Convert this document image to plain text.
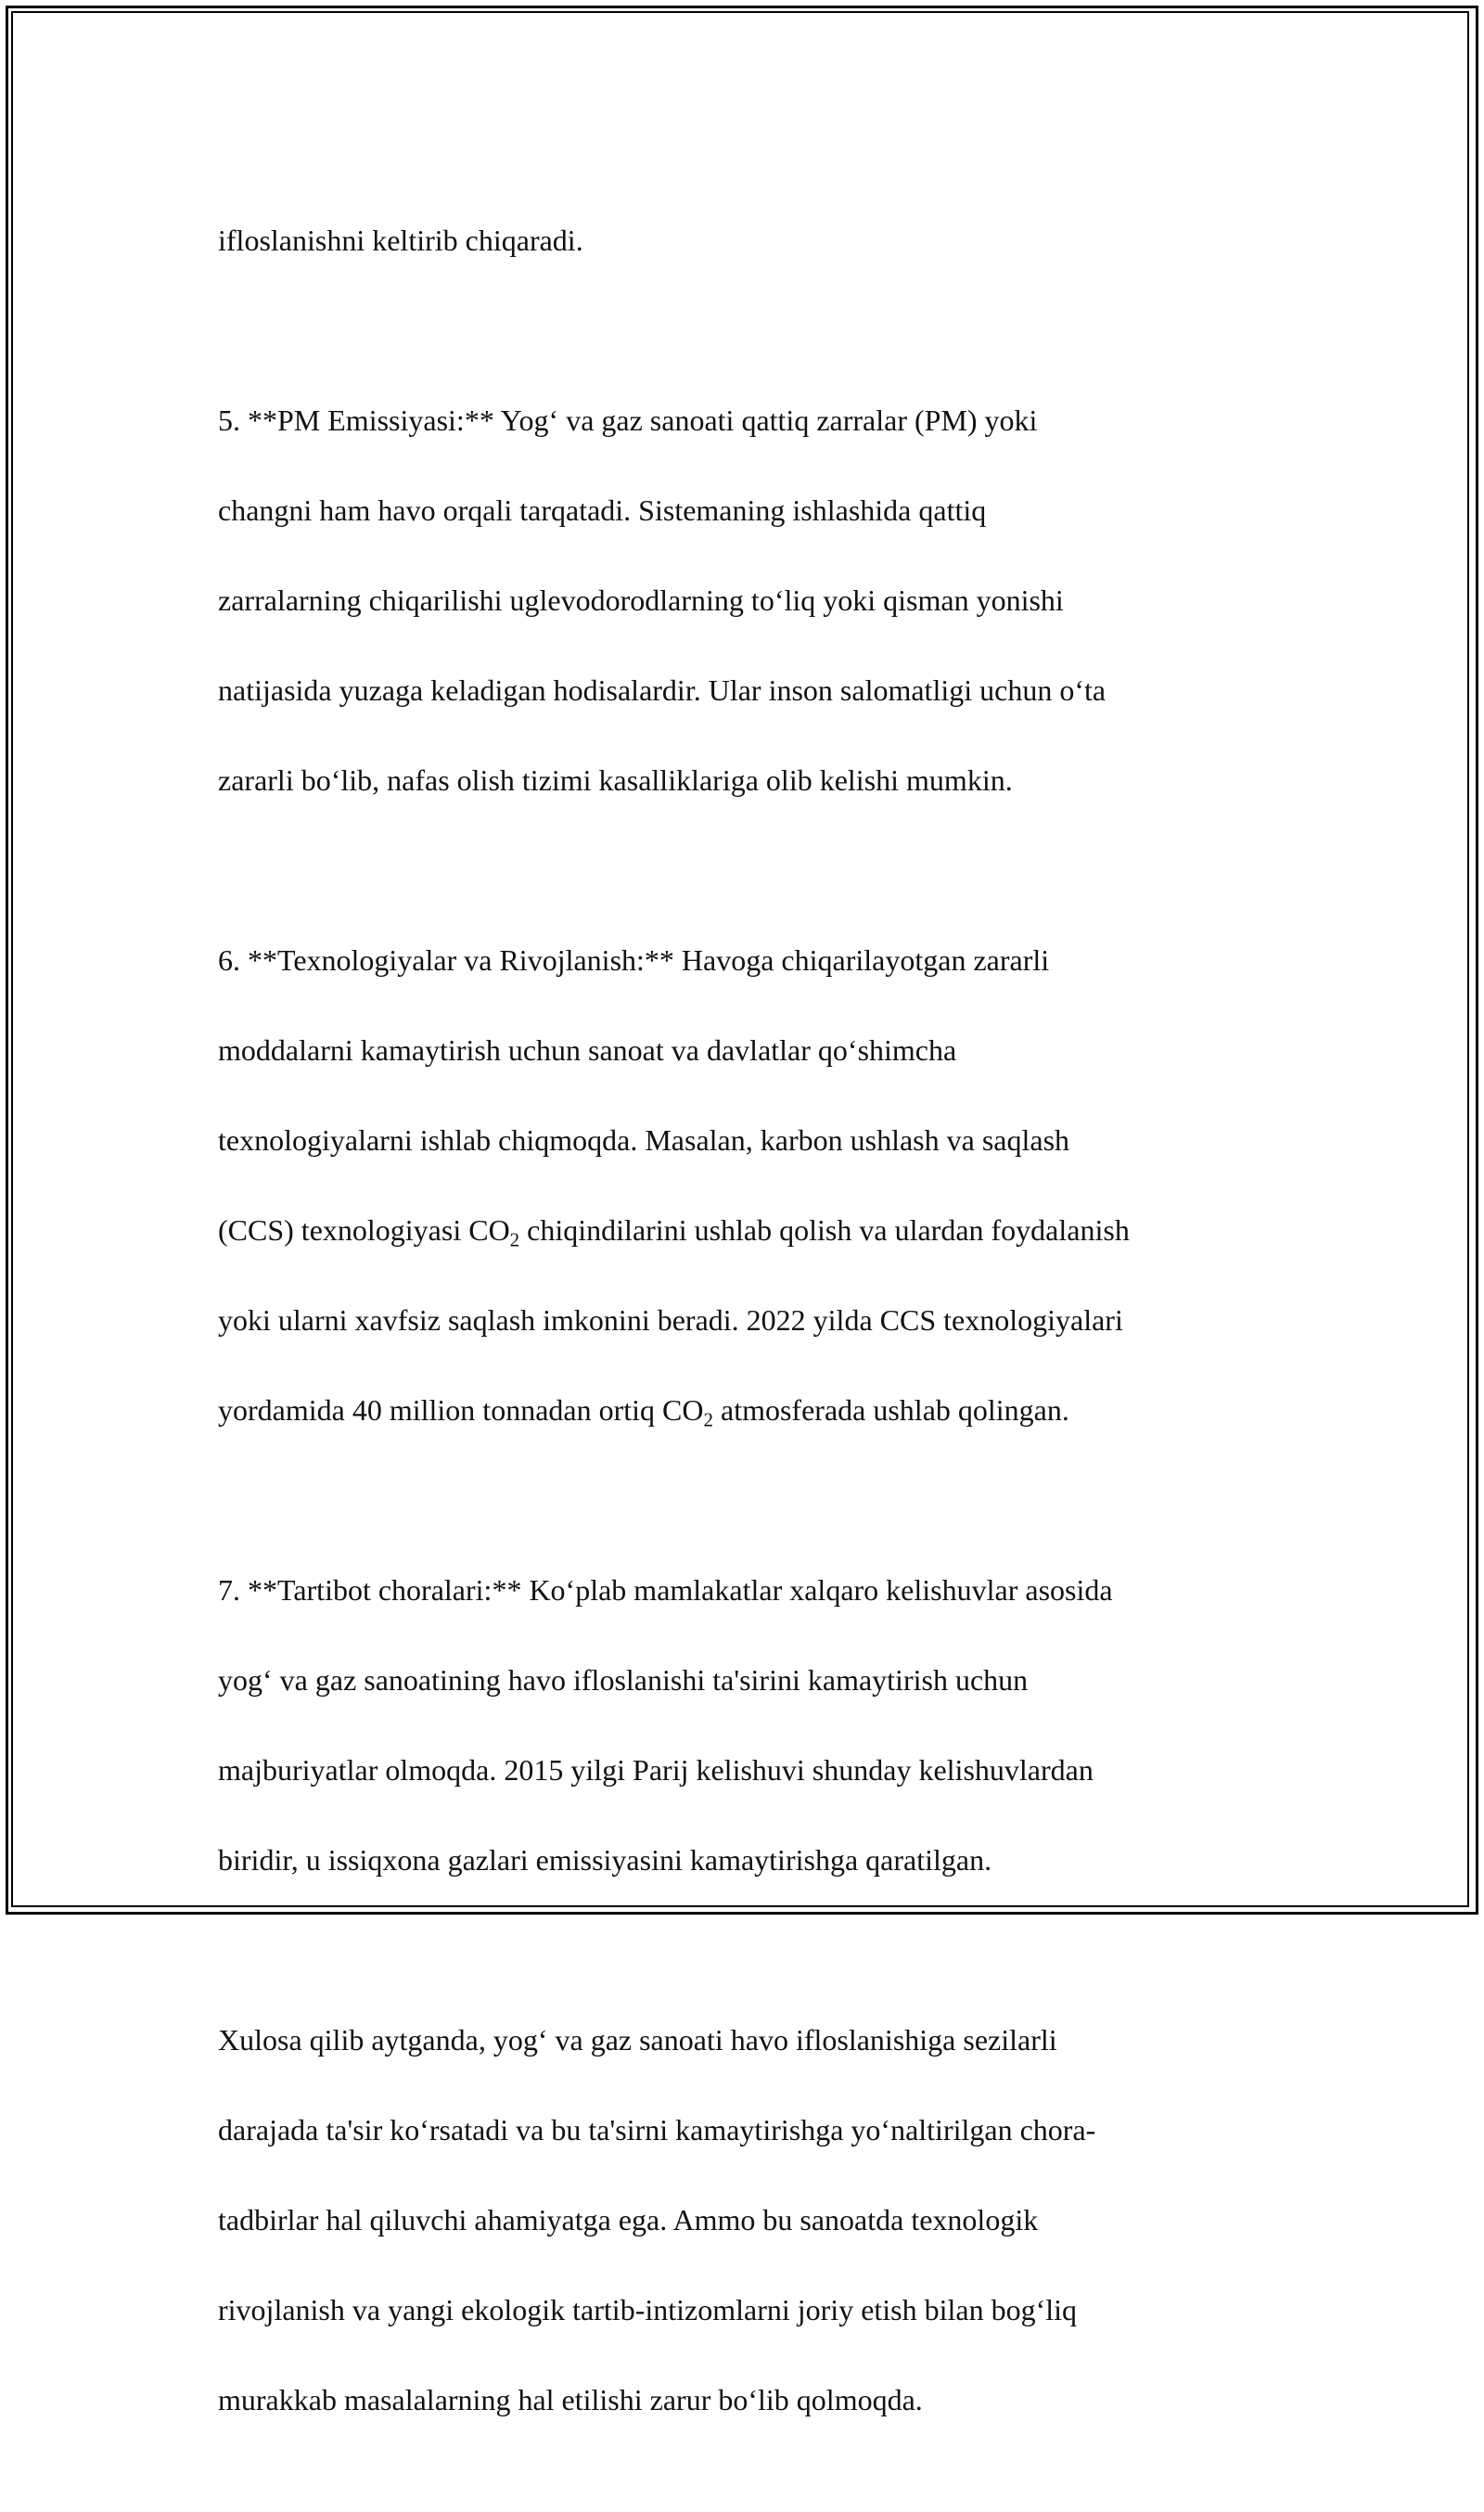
ifloslanishni keltirib chiqaradi.

5. **PM Emissiyasi:** Yog‘ va gaz sanoati qattiq zarralar (PM) yoki

changni ham havo orqali tarqatadi. Sistemaning ishlashida qattiq

zarralarning chiqarilishi uglevodorodlarning to‘liq yoki qisman yonishi

natijasida yuzaga keladigan hodisalardir. Ular inson salomatligi uchun o‘ta

zararli bo‘lib, nafas olish tizimi kasalliklariga olib kelishi mumkin.

6. **Texnologiyalar va Rivojlanish:** Havoga chiqarilayotgan zararli

moddalarni kamaytirish uchun sanoat va davlatlar qo‘shimcha

texnologiyalarni ishlab chiqmoqda. Masalan, karbon ushlash va saqlash

(CCS) texnologiyasi $CO_2$ chiqindilarini ushlab qolish va ulardan foydalanish

yoki ularni xavfsiz saqlash imkonini beradi. 2022 yilda CCS texnologiyalari

yordamida 40 million tonnadan ortiq $CO_2$ atmosferada ushlab qolingan.

7. **Tartibot choralari:** Ko‘plab mamlakatlar xalqaro kelishuvlar asosida

yog‘ va gaz sanoatining havo ifloslanishi ta'sirini kamaytirish uchun

majburiyatlar olmoqda. 2015 yilgi Parij kelishuvi shunday kelishuvlardan

biridir, u issiqxona gazlari emissiyasini kamaytirishga qaratilgan.

Xulosa qilib aytganda, yog‘ va gaz sanoati havo ifloslanishiga sezilarli

darajada ta'sir ko‘rsatadi va bu ta'sirni kamaytirishga yo‘naltirilgan chora-

tadbirlar hal qiluvchi ahamiyatga ega. Ammo bu sanoatda texnologik

rivojlanish va yangi ekologik tartib-intizomlarni joriy etish bilan bog‘liq

murakkab masalalarning hal etilishi zarur bo‘lib qolmoqda.
